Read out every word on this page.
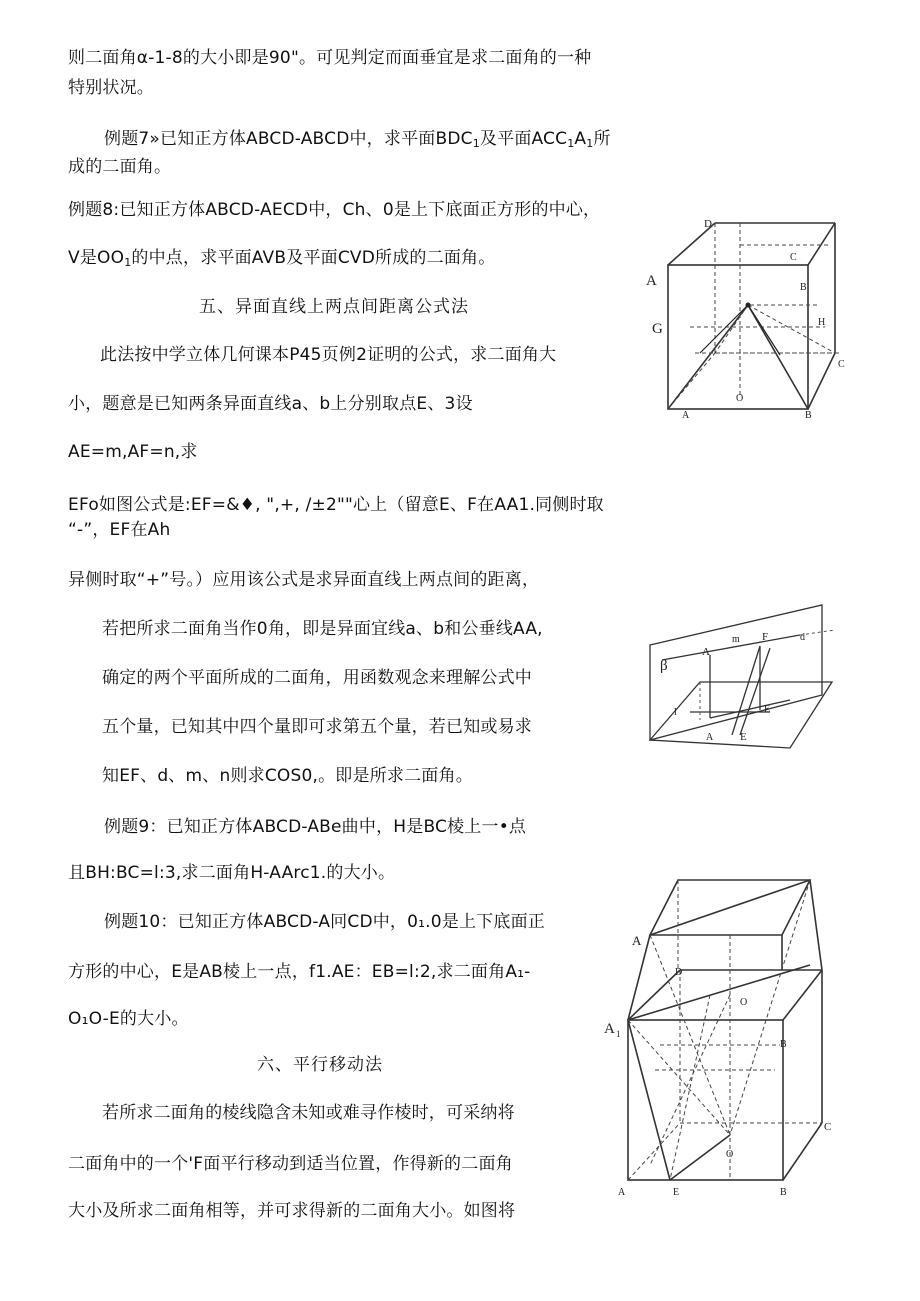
则二面角α-1-8的大小即是90"。可见判定而面垂宜是求二面角的一种
特别状况。
例题7»已知正方体ABCD-ABCD中，求平面$BDC_1$及平面$ACC_1A_1$所
成的二面角。
例题8:已知正方体ABCD-AECD中，Ch、0是上下底面正方形的中心，
V是$OO_1$的中点，求平面AVB及平面CVD所成的二面角。
五、异面直线上两点间距离公式法
此法按中学立体几何课本P45页例2证明的公式，求二面角大
小，题意是已知两条异面直线a、b上分别取点E、3设
AE=m,AF=n,求
EFo如图公式是:EF=&♦, ",+, /±2""心上（留意E、F在AA1.同侧时取
“-”，EF在Ah
异侧时取“+”号。）应用该公式是求异面直线上两点间的距离，
若把所求二面角当作0角，即是异面宜线a、b和公垂线AA,
确定的两个平面所成的二面角，用函数观念来理解公式中
五个量，已知其中四个量即可求第五个量，若已知或易求
知EF、d、m、n则求COS0,。即是所求二面角。
例题9：已知正方体ABCD-ABe曲中，H是BC棱上一•点
且BH:BC=l:3,求二面角H-AArc1.的大小。
例题10：已知正方体ABCD-A冋CD中，0₁.0是上下底面正
方形的中心，E是AB棱上一点，f1.AE：EB=l:2,求二面角A₁-
O₁O-E的大小。
六、平行移动法
若所求二面角的棱线隐含未知或难寻作棱时，可采纳将
二面角中的一个'F面平行移动到适当位置，作得新的二面角
大小及所求二面角相等，并可求得新的二面角大小。如图将
D
C
A	B
G	H
C
O
A	B
β
A
m F	d
l	E
A E
A
D
O
A 1
B
C
O
A	E	B
